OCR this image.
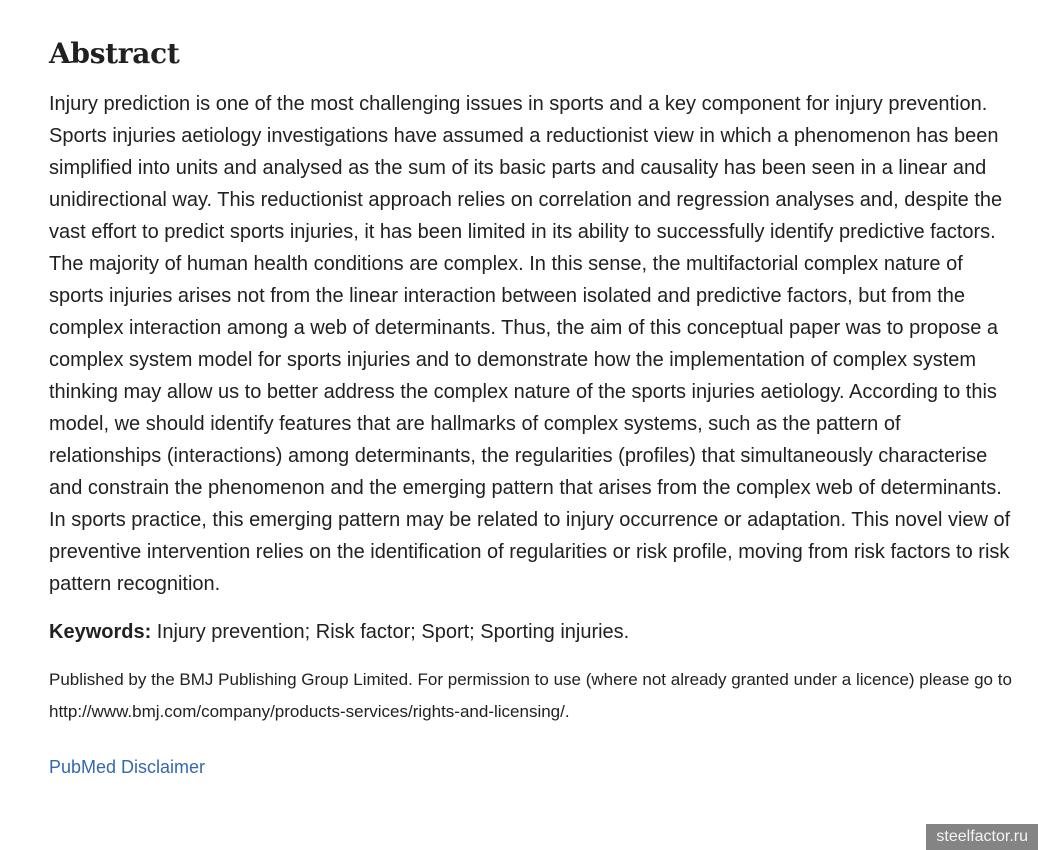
Abstract

Injury prediction is one of the most challenging issues in sports and a key component for injury prevention. Sports injuries aetiology investigations have assumed a reductionist view in which a phenomenon has been simplified into units and analysed as the sum of its basic parts and causality has been seen in a linear and unidirectional way. This reductionist approach relies on correlation and regression analyses and, despite the vast effort to predict sports injuries, it has been limited in its ability to successfully identify predictive factors. The majority of human health conditions are complex. In this sense, the multifactorial complex nature of sports injuries arises not from the linear interaction between isolated and predictive factors, but from the complex interaction among a web of determinants. Thus, the aim of this conceptual paper was to propose a complex system model for sports injuries and to demonstrate how the implementation of complex system thinking may allow us to better address the complex nature of the sports injuries aetiology. According to this model, we should identify features that are hallmarks of complex systems, such as the pattern of relationships (interactions) among determinants, the regularities (profiles) that simultaneously characterise and constrain the phenomenon and the emerging pattern that arises from the complex web of determinants. In sports practice, this emerging pattern may be related to injury occurrence or adaptation. This novel view of preventive intervention relies on the identification of regularities or risk profile, moving from risk factors to risk pattern recognition.

Keywords: Injury prevention; Risk factor; Sport; Sporting injuries.

Published by the BMJ Publishing Group Limited. For permission to use (where not already granted under a licence) please go to http://www.bmj.com/company/products-services/rights-and-licensing/.

PubMed Disclaimer
steelfactor.ru
